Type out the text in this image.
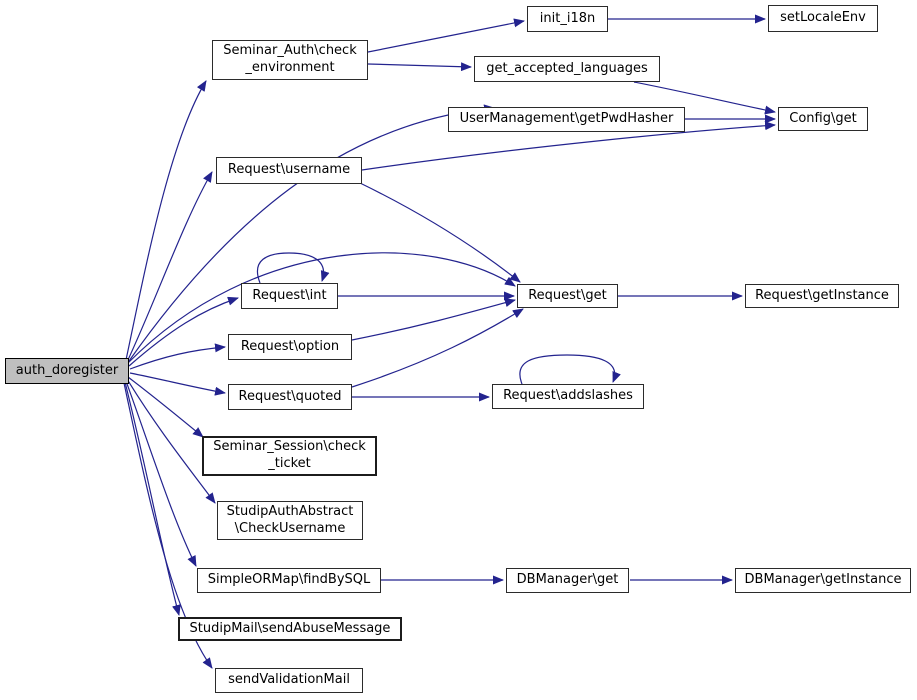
auth_doregister
Seminar_Auth\check
_environment
init_i18n	setLocaleEnv
get_accepted_languages
UserManagement\getPwdHasher	Config\get
Request\username
Request\int
Request\option
Request\quoted
Request\get	Request\getInstance
Request\addslashes
Seminar_Session\check
_ticket
StudipAuthAbstract
\CheckUsername
SimpleORMap\findBySQL	DBManager\get	DBManager\getInstance
StudipMail\sendAbuseMessage
sendValidationMail
